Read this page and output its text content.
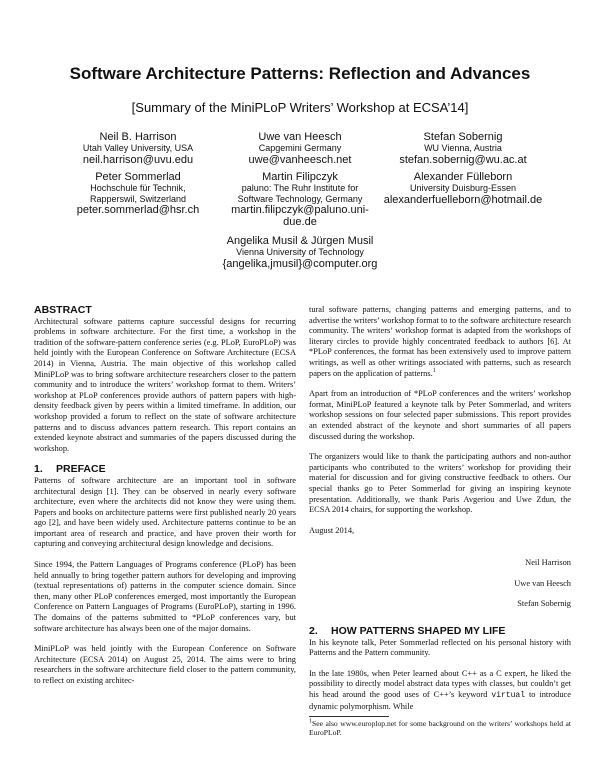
Software Architecture Patterns: Reflection and Advances
[Summary of the MiniPLoP Writers’ Workshop at ECSA’14]
Neil B. Harrison
Utah Valley University, USA
neil.harrison@uvu.edu
Uwe van Heesch
Capgemini Germany
uwe@vanheesch.net
Stefan Sobernig
WU Vienna, Austria
stefan.sobernig@wu.ac.at
Peter Sommerlad
Hochschule für Technik, Rapperswil, Switzerland
peter.sommerlad@hsr.ch
Martin Filipczyk
paluno: The Ruhr Institute for Software Technology, Germany
martin.filipczyk@paluno.uni-due.de
Alexander Fülleborn
University Duisburg-Essen
alexanderfuelleborn@hotmail.de
Angelika Musil & Jürgen Musil
Vienna University of Technology
{angelika,jmusil}@computer.org
ABSTRACT

Architectural software patterns capture successful designs for recurring problems in software architecture. For the first time, a workshop in the tradition of the software-pattern conference series (e.g. PLoP, EuroPLoP) was held jointly with the European Conference on Software Architecture (ECSA 2014) in Vienna, Austria. The main objective of this workshop called MiniPLoP was to bring software architecture researchers closer to the pattern community and to introduce the writers’ workshop format to them. Writers’ workshop at PLoP conferences provide authors of pattern papers with high-density feedback given by peers within a limited timeframe. In addition, our workshop provided a forum to reflect on the state of software architecture patterns and to discuss advances pattern research. This report contains an extended keynote abstract and summaries of the papers discussed during the workshop.

1. PREFACE

Patterns of software architecture are an important tool in software architectural design [1]. They can be observed in nearly every software architecture, even where the architects did not know they were using them. Papers and books on architecture patterns were first published nearly 20 years ago [2], and have been widely used. Architecture patterns continue to be an important area of research and practice, and have proven their worth for capturing and conveying architectural design knowledge and decisions.

Since 1994, the Pattern Languages of Programs conference (PLoP) has been held annually to bring together pattern authors for developing and improving (textual representations of) patterns in the computer science domain. Since then, many other PLoP conferences emerged, most importantly the European Conference on Pattern Languages of Programs (EuroPLoP), starting in 1996. The domains of the patterns submitted to *PLoP conferences vary, but software architecture has always been one of the major domains.

MiniPLoP was held jointly with the European Conference on Software Architecture (ECSA 2014) on August 25, 2014. The aims were to bring researchers in the software architecture field closer to the pattern community, to reflect on existing architec-

tural software patterns, changing patterns and emerging patterns, and to advertise the writers’ workshop format to to the software architecture research community. The writers’ workshop format is adapted from the workshops of literary circles to provide highly concentrated feedback to authors [6]. At *PLoP conferences, the format has been extensively used to improve pattern writings, as well as other writings associated with patterns, such as research papers on the application of patterns.$^1$

Apart from an introduction of *PLoP conferences and the writers’ workshop format, MiniPLoP featured a keynote talk by Peter Sommerlad, and writers workshop sessions on four selected paper submissions. This report provides an extended abstract of the keynote and short summaries of all papers discussed during the workshop.

The organizers would like to thank the participating authors and non-author participants who contributed to the writers’ workshop for providing their material for discussion and for giving constructive feedback to others. Our special thanks go to Peter Sommerlad for giving an inspiring keynote presentation. Additionally, we thank Paris Avgeriou and Uwe Zdun, the ECSA 2014 chairs, for supporting the workshop.

August 2014,

Neil Harrison

Uwe van Heesch

Stefan Sobernig

2. HOW PATTERNS SHAPED MY LIFE

In his keynote talk, Peter Sommerlad reflected on his personal history with Patterns and the Pattern community.

In the late 1980s, when Peter learned about C++ as a C expert, he liked the possibility to directly model abstract data types with classes, but couldn’t get his head around the good uses of C++’s keyword virtual to introduce dynamic polymorphism. While

$^1$See also www.europlop.net for some background on the writers’ workshops held at EuroPLoP.
